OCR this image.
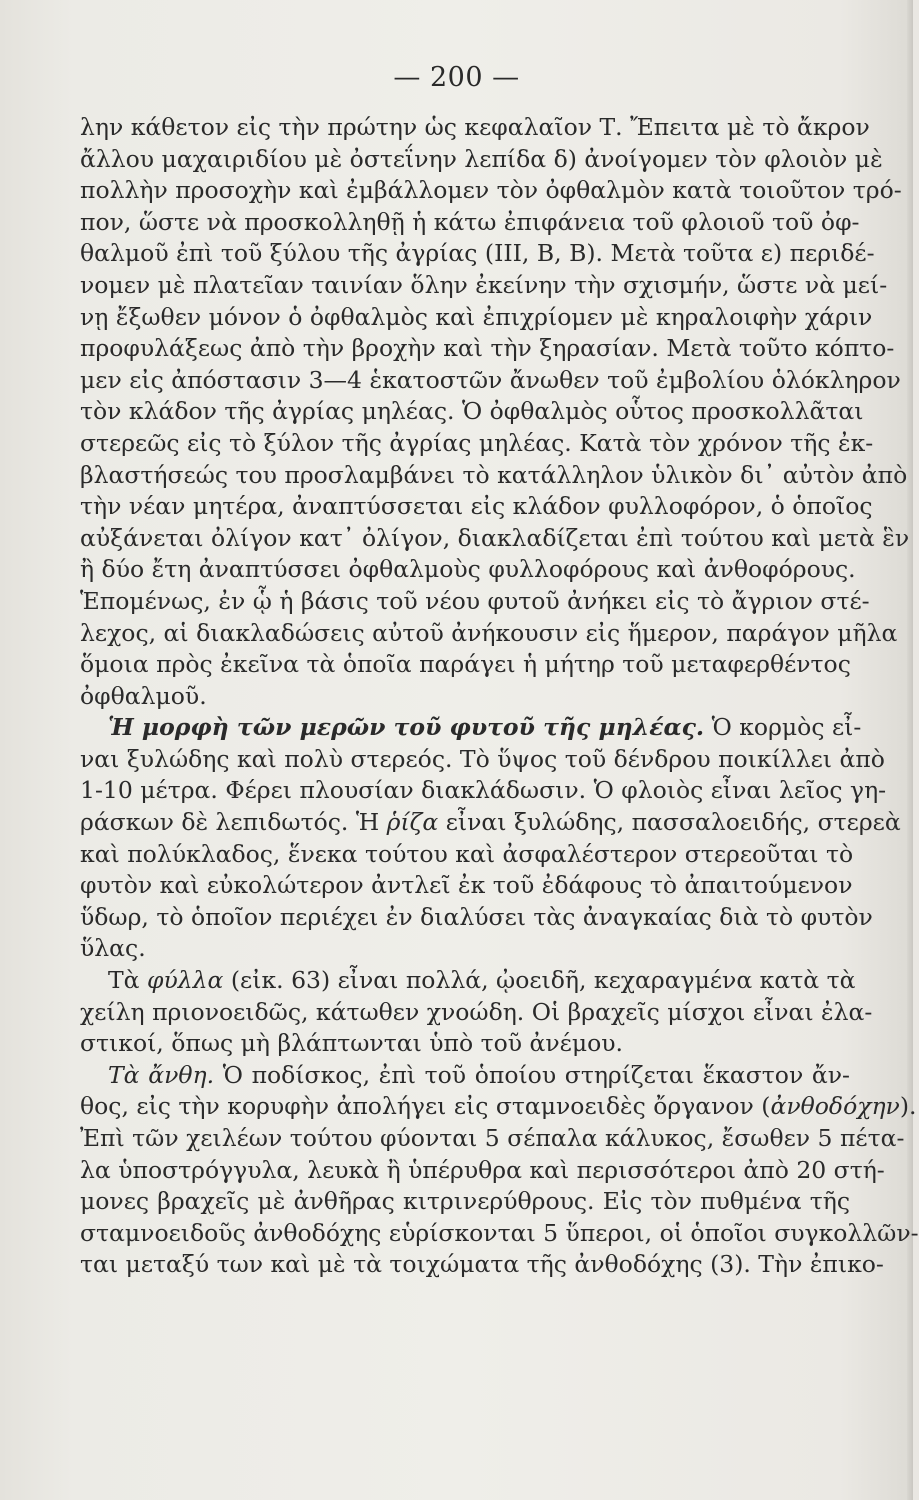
— 200 —

λην κάθετον εἰς τὴν πρώτην ὡς κεφαλαῖον Τ. Ἔπειτα μὲ τὸ ἄκρον
ἄλλου μαχαιριδίου μὲ ὀστεΐνην λεπίδα δ) ἀνοίγομεν τὸν φλοιὸν μὲ
πολλὴν προσοχὴν καὶ ἐμβάλλομεν τὸν ὀφθαλμὸν κατὰ τοιοῦτον τρό-
πον, ὥστε νὰ προσκολληθῇ ἡ κάτω ἐπιφάνεια τοῦ φλοιοῦ τοῦ ὀφ-
θαλμοῦ ἐπὶ τοῦ ξύλου τῆς ἀγρίας (ΙΙΙ, Β, Β). Μετὰ τοῦτα ε) περιδέ-
νομεν μὲ πλατεῖαν ταινίαν ὅλην ἐκείνην τὴν σχισμήν, ὥστε νὰ μεί-
νῃ ἔξωθεν μόνον ὁ ὀφθαλμὸς καὶ ἐπιχρίομεν μὲ κηραλοιφὴν χάριν
προφυλάξεως ἀπὸ τὴν βροχὴν καὶ τὴν ξηρασίαν. Μετὰ τοῦτο κόπτο-
μεν εἰς ἀπόστασιν 3—4 ἑκατοστῶν ἄνωθεν τοῦ ἐμβολίου ὁλόκληρον
τὸν κλάδον τῆς ἀγρίας μηλέας. Ὁ ὀφθαλμὸς οὗτος προσκολλᾶται
στερεῶς εἰς τὸ ξύλον τῆς ἀγρίας μηλέας. Κατὰ τὸν χρόνον τῆς ἐκ-
βλαστήσεώς του προσλαμβάνει τὸ κατάλληλον ὑλικὸν δι᾿ αὐτὸν ἀπὸ
τὴν νέαν μητέρα, ἀναπτύσσεται εἰς κλάδον φυλλοφόρον, ὁ ὁποῖος
αὐξάνεται ὀλίγον κατ᾿ ὀλίγον, διακλαδίζεται ἐπὶ τούτου καὶ μετὰ ἓν
ἢ δύο ἔτη ἀναπτύσσει ὀφθαλμοὺς φυλλοφόρους καὶ ἀνθοφόρους.
Ἑπομένως, ἐν ᾧ ἡ βάσις τοῦ νέου φυτοῦ ἀνήκει εἰς τὸ ἄγριον στέ-
λεχος, αἱ διακλαδώσεις αὐτοῦ ἀνήκουσιν εἰς ἥμερον, παράγον μῆλα
ὅμοια πρὸς ἐκεῖνα τὰ ὁποῖα παράγει ἡ μήτηρ τοῦ μεταφερθέντος
ὀφθαλμοῦ.

Ἡ μορφὴ τῶν μερῶν τοῦ φυτοῦ τῆς μηλέας. Ὁ κορμὸς εἶ-
ναι ξυλώδης καὶ πολὺ στερεός. Τὸ ὕψος τοῦ δένδρου ποικίλλει ἀπὸ
1-10 μέτρα. Φέρει πλουσίαν διακλάδωσιν. Ὁ φλοιὸς εἶναι λεῖος γη-
ράσκων δὲ λεπιδωτός. Ἡ ῥίζα εἶναι ξυλώδης, πασσαλοειδής, στερεὰ
καὶ πολύκλαδος, ἕνεκα τούτου καὶ ἀσφαλέστερον στερεοῦται τὸ
φυτὸν καὶ εὐκολώτερον ἀντλεῖ ἐκ τοῦ ἐδάφους τὸ ἀπαιτούμενον
ὕδωρ, τὸ ὁποῖον περιέχει ἐν διαλύσει τὰς ἀναγκαίας διὰ τὸ φυτὸν
ὕλας.

Τὰ φύλλα (εἰκ. 63) εἶναι πολλά, ᾠοειδῆ, κεχαραγμένα κατὰ τὰ
χείλη πριονοειδῶς, κάτωθεν χνοώδη. Οἱ βραχεῖς μίσχοι εἶναι ἐλα-
στικοί, ὅπως μὴ βλάπτωνται ὑπὸ τοῦ ἀνέμου.

Τὰ ἄνθη. Ὁ ποδίσκος, ἐπὶ τοῦ ὁποίου στηρίζεται ἕκαστον ἄν-
θος, εἰς τὴν κορυφὴν ἀπολήγει εἰς σταμνοειδὲς ὄργανον (ἀνθοδόχην).
Ἐπὶ τῶν χειλέων τούτου φύονται 5 σέπαλα κάλυκος, ἔσωθεν 5 πέτα-
λα ὑποστρόγγυλα, λευκὰ ἢ ὑπέρυθρα καὶ περισσότεροι ἀπὸ 20 στή-
μονες βραχεῖς μὲ ἀνθῆρας κιτρινερύθρους. Εἰς τὸν πυθμένα τῆς
σταμνοειδοῦς ἀνθοδόχης εὑρίσκονται 5 ὕπεροι, οἱ ὁποῖοι συγκολλῶν-
ται μεταξύ των καὶ μὲ τὰ τοιχώματα τῆς ἀνθοδόχης (3). Τὴν ἐπικο-
